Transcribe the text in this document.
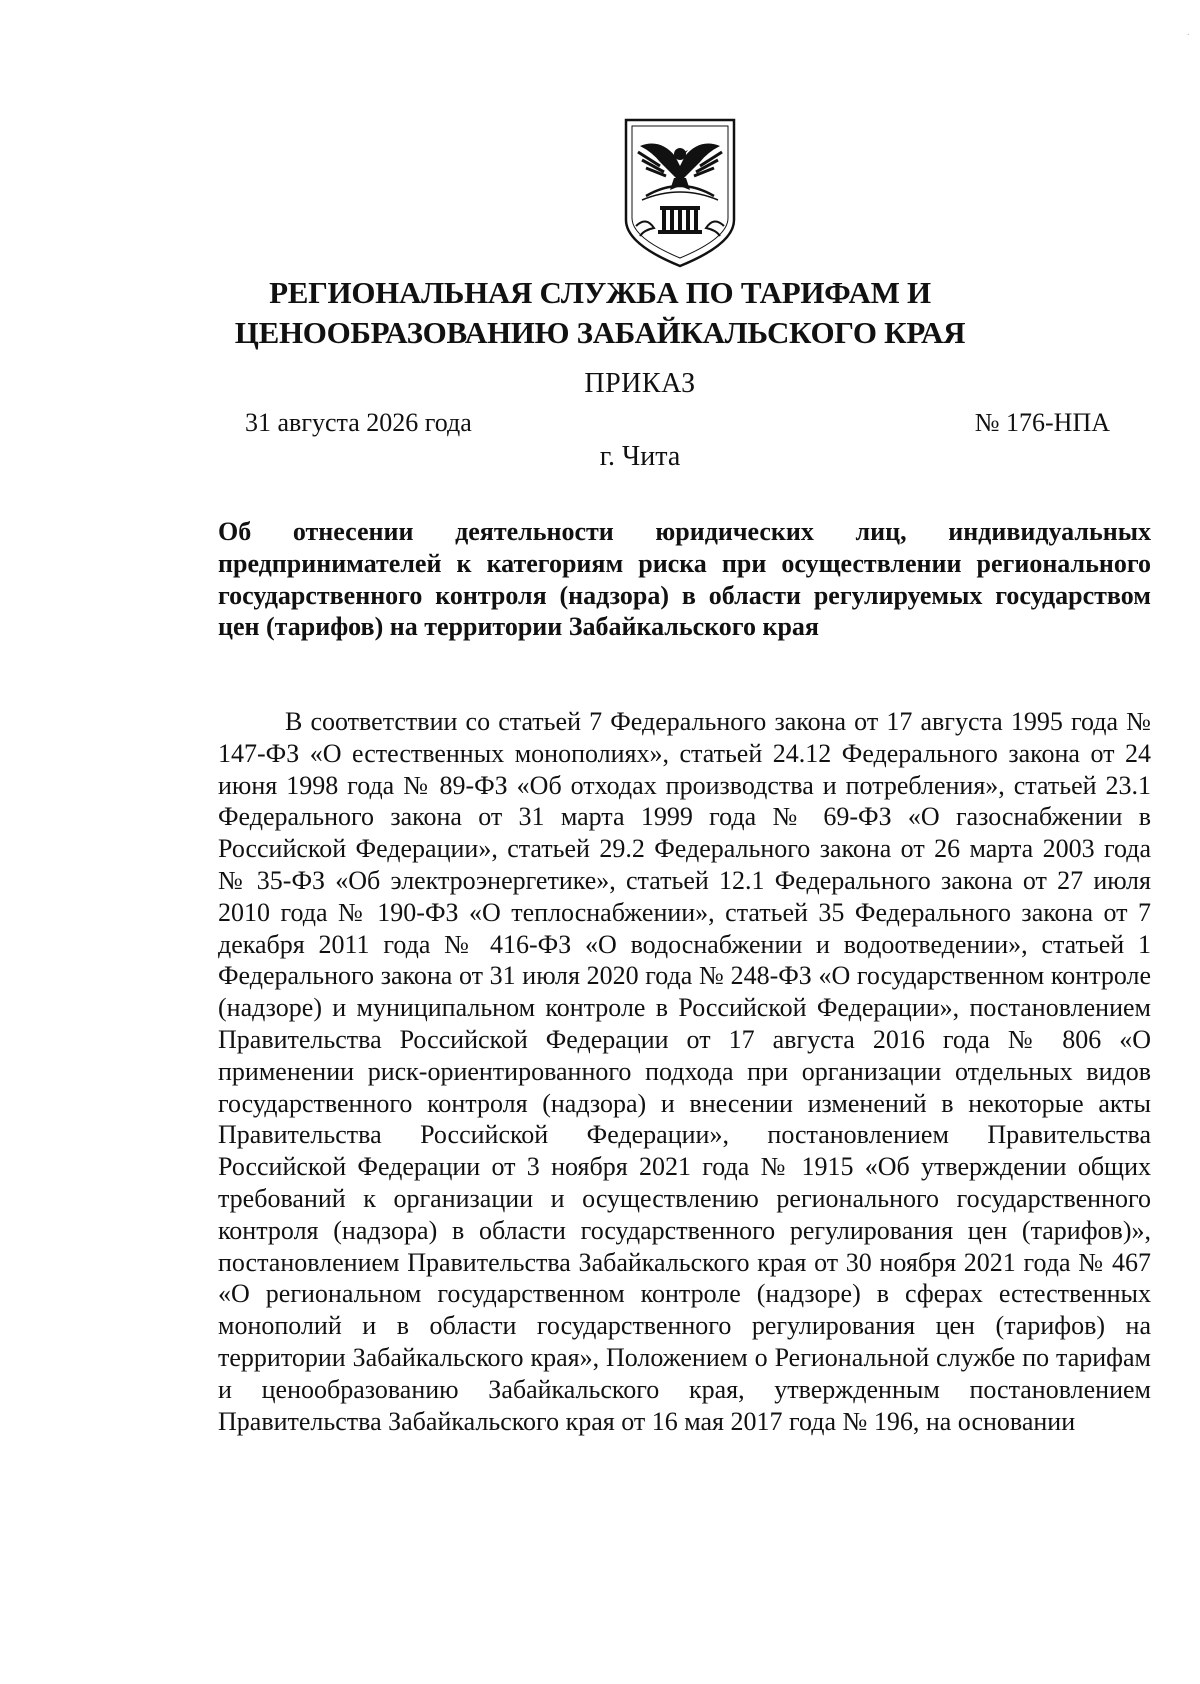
·
РЕГИОНАЛЬНАЯ СЛУЖБА ПО ТАРИФАМ И
ЦЕНООБРАЗОВАНИЮ ЗАБАЙКАЛЬСКОГО КРАЯ
ПРИКАЗ
31 августа 2026 года	№ 176-НПА
г. Чита
Об отнесении деятельности юридических лиц, индивидуальных предпринимателей к категориям риска при осуществлении регионального государственного контроля (надзора) в области регулируемых государством цен (тарифов) на территории Забайкальского края
В соответствии со статьей 7 Федерального закона от 17 августа 1995 года № 147-ФЗ «О естественных монополиях», статьей 24.12 Федерального закона от 24 июня 1998 года № 89-ФЗ «Об отходах производства и потребления», статьей 23.1 Федерального закона от 31 марта 1999 года № 69-ФЗ «О газоснабжении в Российской Федерации», статьей 29.2 Федерального закона от 26 марта 2003 года № 35-ФЗ «Об электроэнергетике», статьей 12.1 Федерального закона от 27 июля 2010 года № 190-ФЗ «О теплоснабжении», статьей 35 Федерального закона от 7 декабря 2011 года № 416-ФЗ «О водоснабжении и водоотведении», статьей 1 Федерального закона от 31 июля 2020 года № 248-ФЗ «О государственном контроле (надзоре) и муниципальном контроле в Российской Федерации», постановлением Правительства Российской Федерации от 17 августа 2016 года № 806 «О применении риск-ориентированного подхода при организации отдельных видов государственного контроля (надзора) и внесении изменений в некоторые акты Правительства Российской Федерации», постановлением Правительства Российской Федерации от 3 ноября 2021 года № 1915 «Об утверждении общих требований к организации и осуществлению регионального государственного контроля (надзора) в области государственного регулирования цен (тарифов)», постановлением Правительства Забайкальского края от 30 ноября 2021 года № 467 «О региональном государственном контроле (надзоре) в сферах естественных монополий и в области государственного регулирования цен (тарифов) на территории Забайкальского края», Положением о Региональной службе по тарифам и ценообразованию Забайкальского края, утвержденным постановлением Правительства Забайкальского края от 16 мая 2017 года № 196, на основании
